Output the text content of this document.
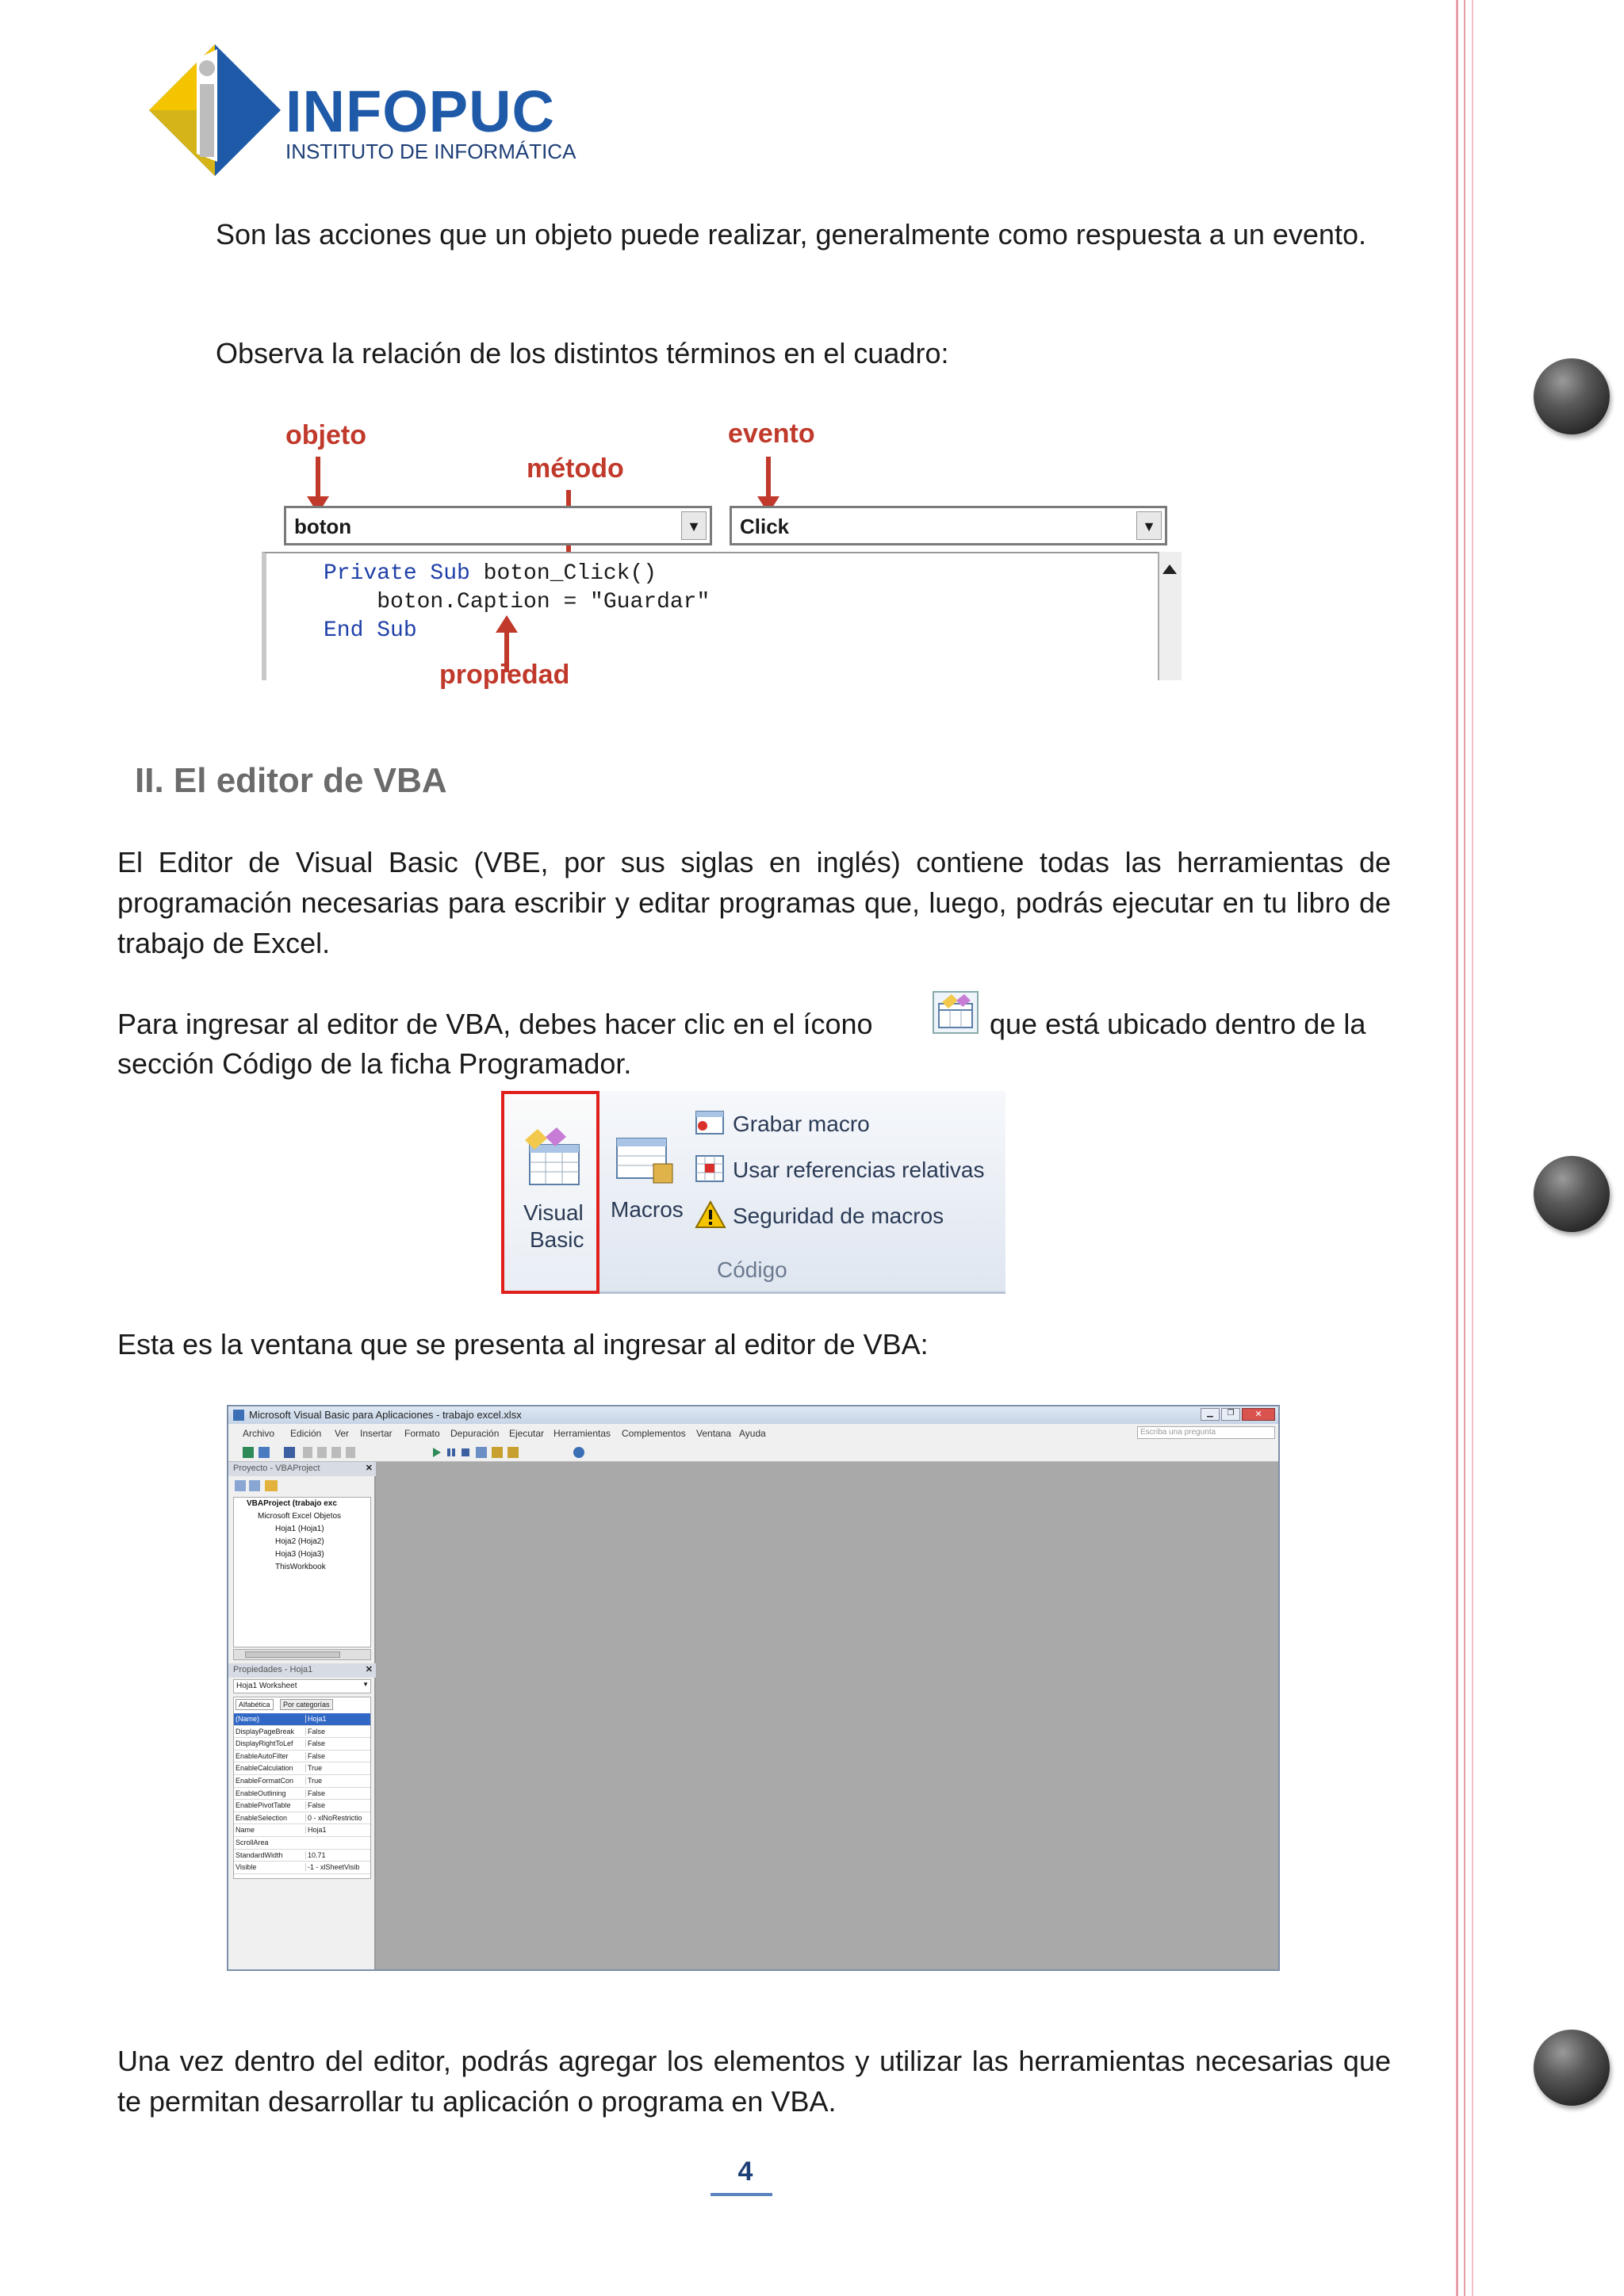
INFOPUC
INSTITUTO DE INFORMÁTICA
Son las acciones que un objeto puede realizar, generalmente como respuesta a un evento.
Observa la relación de los distintos términos en el cuadro:
objeto
método
evento
boton	▼	Click	▼
Private Sub boton_Click()
boton.Caption = "Guardar"
End Sub
propiedad
II. El editor de VBA
El Editor de Visual Basic (VBE, por sus siglas en inglés) contiene todas las herramientas de programación necesarias para escribir y editar programas que, luego, podrás ejecutar en tu libro de trabajo de Excel.
Para ingresar al editor de VBA, debes hacer clic en el ícono	que está ubicado dentro de la
sección Código de la ficha Programador.
Visual
Basic
Macros
Grabar macro
Usar referencias relativas
Seguridad de macros
Código
Esta es la ventana que se presenta al ingresar al editor de VBA:
Microsoft Visual Basic para Aplicaciones - trabajo excel.xlsx	▁	❐	✕
Archivo Edición Ver Insertar Formato Depuración Ejecutar Herramientas Complementos Ventana Ayuda	Escriba una pregunta
Proyecto - VBAProject	✕
VBAProject (trabajo exc
Microsoft Excel Objetos
Hoja1 (Hoja1)
Hoja2 (Hoja2)
Hoja3 (Hoja3)
ThisWorkbook
Propiedades - Hoja1	✕
Hoja1 Worksheet	▼
Alfabética	Por categorías
(Name)	Hoja1
DisplayPageBreak	False
DisplayRightToLef	False
EnableAutoFilter	False
EnableCalculation	True
EnableFormatCon	True
EnableOutlining	False
EnablePivotTable	False
EnableSelection	0 - xlNoRestrictio
Name	Hoja1
ScrollArea
StandardWidth	10.71
Visible	-1 - xlSheetVisib
Una vez dentro del editor, podrás agregar los elementos y utilizar las herramientas necesarias que te permitan desarrollar tu aplicación o programa en VBA.
4
